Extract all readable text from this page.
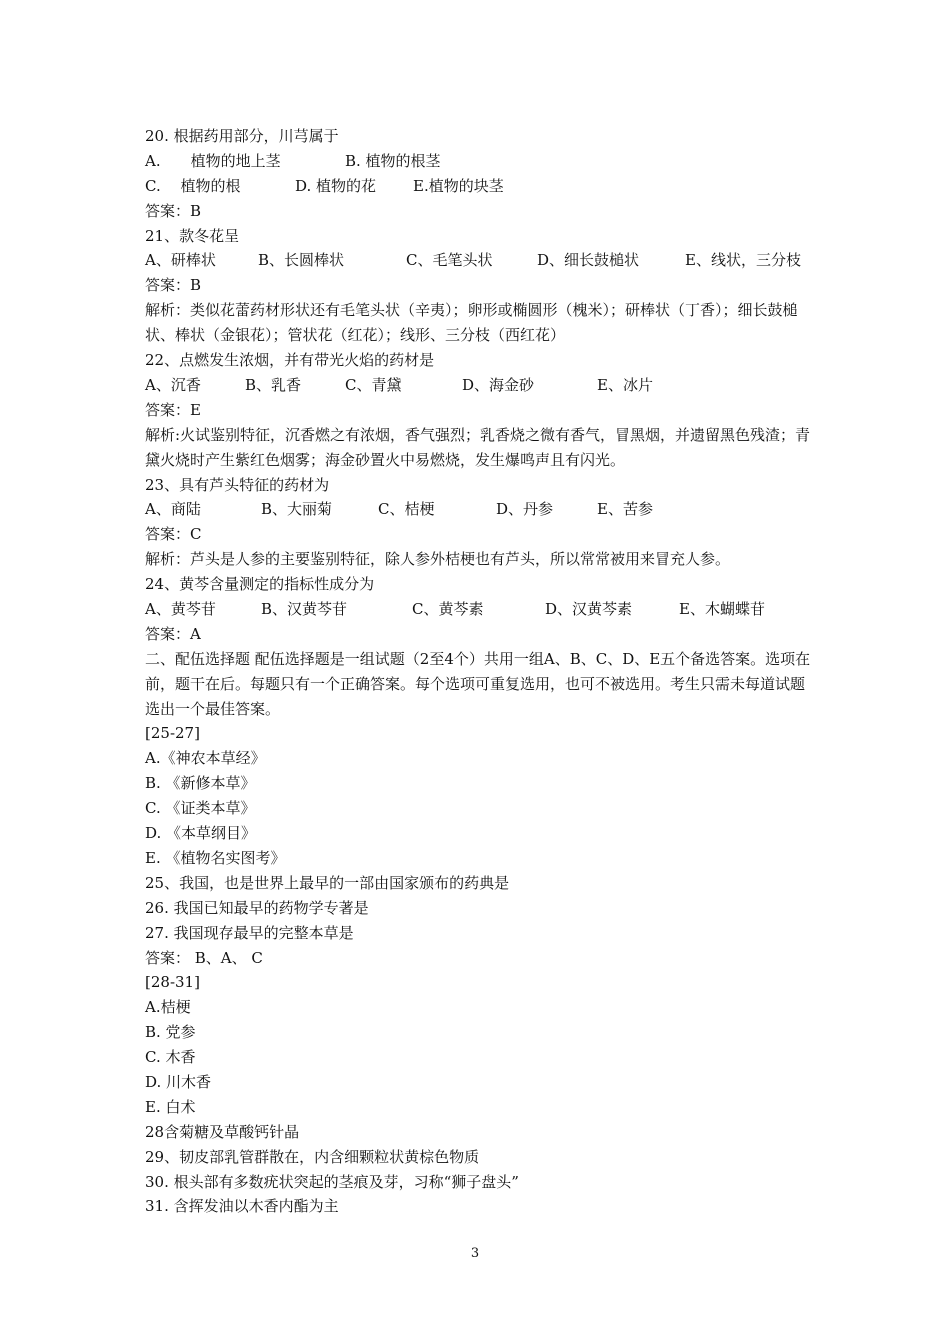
20. 根据药用部分，川芎属于
A.　　植物的地上茎	B. 植物的根茎
C.　 植物的根	D. 植物的花	E.植物的块茎
答案：B
21、款冬花呈
A、研棒状	B、长圆棒状	C、毛笔头状	D、细长鼓槌状	E、线状，三分枝
答案：B
解析：类似花蕾药材形状还有毛笔头状（辛夷）；卵形或椭圆形（槐米）；研棒状（丁香）；细长鼓槌状、棒状（金银花）；管状花（红花）；线形、三分枝（西红花）
22、点燃发生浓烟，并有带光火焰的药材是
A、沉香	B、乳香	C、青黛	D、海金砂	E、冰片
答案：E
解析:火试鉴别特征，沉香燃之有浓烟，香气强烈；乳香烧之微有香气，冒黑烟，并遗留黑色残渣；青黛火烧时产生紫红色烟雾；海金砂置火中易燃烧，发生爆鸣声且有闪光。
23、具有芦头特征的药材为
A、商陆	B、大丽菊	C、桔梗	D、丹参	E、苦参
答案：C
解析：芦头是人参的主要鉴别特征，除人参外桔梗也有芦头，所以常常被用来冒充人参。
24、黄芩含量测定的指标性成分为
A、黄芩苷	B、汉黄芩苷	C、黄芩素	D、汉黄芩素	E、木蝴蝶苷
答案：A
二、配伍选择题 配伍选择题是一组试题（2至4个）共用一组A、B、C、D、E五个备选答案。选项在前，题干在后。每题只有一个正确答案。每个选项可重复选用，也可不被选用。考生只需未每道试题选出一个最佳答案。
[25-27]
A.《神农本草经》
B. 《新修本草》
C. 《证类本草》
D. 《本草纲目》
E. 《植物名实图考》
25、我国，也是世界上最早的一部由国家颁布的药典是
26. 我国已知最早的药物学专著是
27. 我国现存最早的完整本草是
答案： B、A、 C
[28-31]
A.桔梗
B. 党参
C. 木香
D. 川木香
E. 白术
28含菊糖及草酸钙针晶
29、韧皮部乳管群散在，内含细颗粒状黄棕色物质
30. 根头部有多数疣状突起的茎痕及芽，习称“狮子盘头”
31. 含挥发油以木香内酯为主
3
